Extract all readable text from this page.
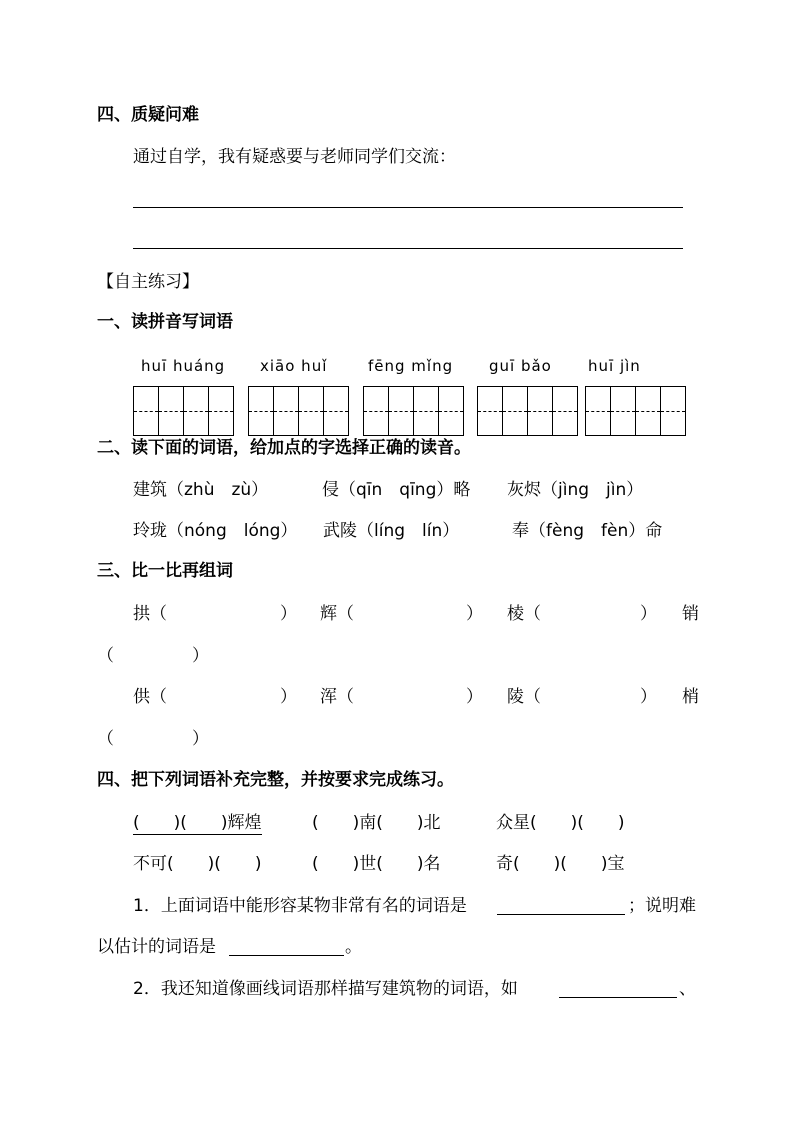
四、质疑问难
通过自学，我有疑惑要与老师同学们交流：
【自主练习】
一、读拼音写词语
huī huáng xiāo huǐ	fēng mǐng guī bǎo huī jìn
二、读下面的词语，给加点的字选择正确的读音。
建筑（zhù　zù）	侵（qīn　qīng）略 灰烬（jìng　jìn）
玲珑（nóng　lóng） 武陵（líng　lín）	奉（fèng　fèn）命
三、比一比再组词
拱（	） 辉（	） 棱（	） 销
（	）
供（	） 浑（	） 陵（	） 梢
（	）
四、把下列词语补充完整，并按要求完成练习。
(　　)(　　)辉煌	(　　)南(　　)北	众星(　　)(　　)
不可(　　)(　　)	(　　)世(　　)名	奇(　　)(　　)宝
1．上面词语中能形容某物非常有名的词语是	；说明难
以估计的词语是	。
2．我还知道像画线词语那样描写建筑物的词语，如	、
